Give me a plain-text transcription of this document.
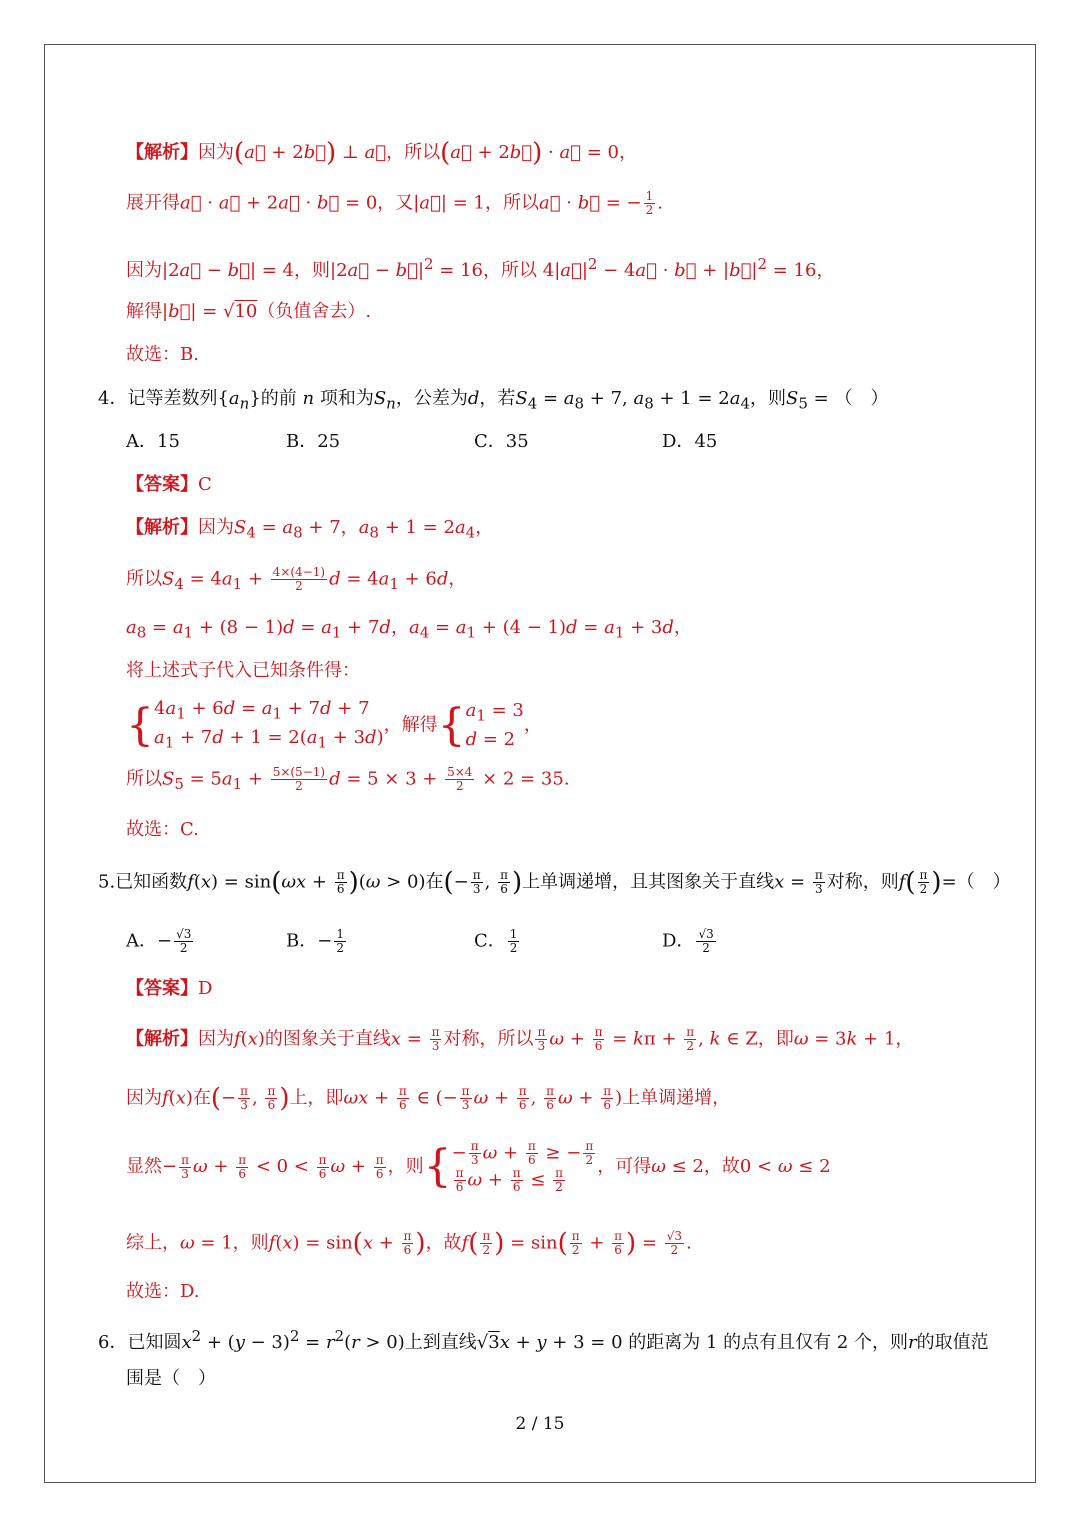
【解析】因为(a⃗ + 2b⃗) ⊥ a⃗，所以(a⃗ + 2b⃗) · a⃗ = 0，
展开得a⃗ · a⃗ + 2a⃗ · b⃗ = 0，又|a⃗| = 1，所以a⃗ · b⃗ = − $\frac{1}{2}$ .
因为|2a⃗ − b⃗| = 4，则|2a⃗ − $b⃗|^2 = 16$，所以 $4|a⃗|^2$ − 4a⃗ · b⃗ + $|b⃗|^2 = 16$，
解得|b⃗| = √10（负值舍去）.
故选：B.
4．记等差数列$\{a_n\}$的前 n 项和为$S_n$，公差为d，若$S_4 = a_8 + 7$, $a_8 + 1 = 2a_4$，则$S_5$ = （　）
A．15	B．25	C．35	D．45
【答案】C
【解析】因为$S_4 = a_8 + 7$，$a_8 + 1 = 2a_4$，
所以$S_4 = 4a_1 + \frac{4\times(4-1)}{2}$ $d = 4a_1 + 6d$，
$a_8 = a_1 + (8 - 1)d = a_1 + 7d$，$a_4 = a_1 + (4 - 1)d = a_1 + 3d$，
将上述式子代入已知条件得：
{ $4a_1 + 6d = a_1 + 7d + 7$
$a_1 + 7d + 1 = 2(a_1 + 3d)$
，解得{ $a_1 = 3$
d = 2
，
所以$S_5 = 5a_1 + \frac{5\times(5-1)}{2}$ $d = 5 \times 3 + \frac{5\times 4}{2} \times 2 = 35$.
故选：C.
5.已知函数$f(x) = \sin(\omega x + \frac{\pi}{6} )(\omega > 0)$在(− $\frac{\pi}{3}$ , $\frac{\pi}{6}$ )上单调递增，且其图象关于直线$x = \frac{\pi}{3}$ 对称，则$f( \frac{\pi}{2}$ )=（　）
A．− $\frac{√3}{2}$	B．− $\frac{1}{2}$	C． $\frac{1}{2}$	D． $\frac{√3}{2}$
【答案】D
【解析】因为f(x)的图象关于直线$x = \frac{\pi}{3}$ 对称，所以 $\frac{\pi}{3}$ $\omega + \frac{\pi}{6} = k\pi + \frac{\pi}{2}$ , k ∈ Z，即ω = 3k + 1，
因为f(x)在(− $\frac{\pi}{3}$ , $\frac{\pi}{6}$ )上，即$\omega x + \frac{\pi}{6}$ ∈ (− $\frac{\pi}{3}$ $\omega + \frac{\pi}{6}$ , $\frac{\pi}{6}$ $\omega + \frac{\pi}{6}$ )上单调递增，
显然− $\frac{\pi}{3}$ $\omega + \frac{\pi}{6} < 0 < \frac{\pi}{6}$ $\omega + \frac{\pi}{6}$ ，则{ − $\frac{\pi}{3}$ $\omega + \frac{\pi}{6}$ ≥ − $\frac{\pi}{2}$
$\frac{\pi}{6}$ $\omega + \frac{\pi}{6} \le \frac{\pi}{2}$
，可得ω ≤ 2，故0 < ω ≤ 2
综上，ω = 1，则$f(x) = \sin(x + \frac{\pi}{6}$ )，故$f( \frac{\pi}{2}$ ) = $\sin( \frac{\pi}{2} + \frac{\pi}{6}$ ) = $\frac{√3}{2}$ .
故选：D.
6．已知圆$x^2 + (y - 3)^2 = r^2(r > 0)$上到直线√3x + y + 3 = 0 的距离为 1 的点有且仅有 2 个，则r的取值范
围是（　）
2 / 15
